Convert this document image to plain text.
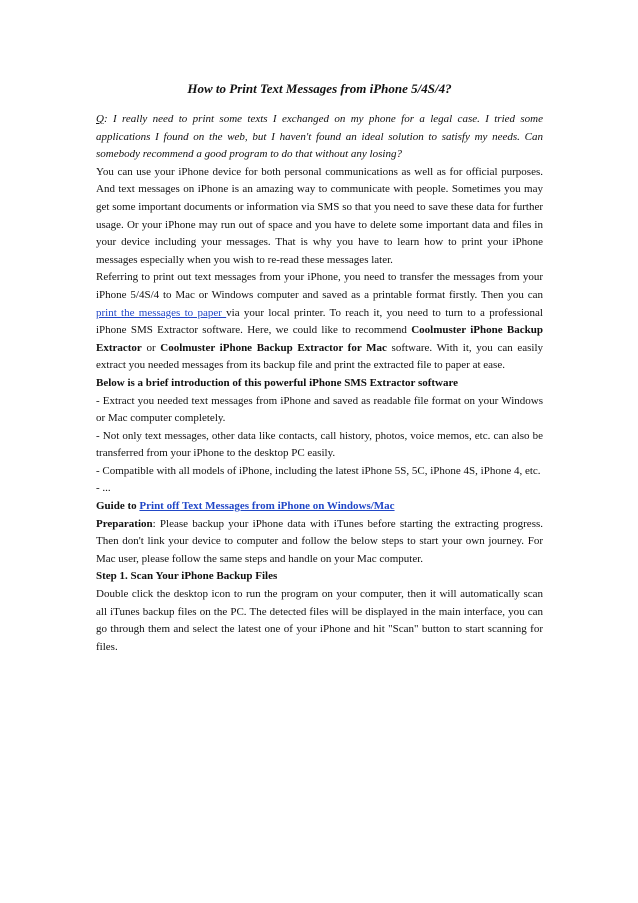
How to Print Text Messages from iPhone 5/4S/4?

Q: I really need to print some texts I exchanged on my phone for a legal case. I tried some applications I found on the web, but I haven't found an ideal solution to satisfy my needs. Can somebody recommend a good program to do that without any losing?

You can use your iPhone device for both personal communications as well as for official purposes. And text messages on iPhone is an amazing way to communicate with people. Sometimes you may get some important documents or information via SMS so that you need to save these data for further usage. Or your iPhone may run out of space and you have to delete some important data and files in your device including your messages. That is why you have to learn how to print your iPhone messages especially when you wish to re-read these messages later.

Referring to print out text messages from your iPhone, you need to transfer the messages from your iPhone 5/4S/4 to Mac or Windows computer and saved as a printable format firstly. Then you can print the messages to paper via your local printer. To reach it, you need to turn to a professional iPhone SMS Extractor software. Here, we could like to recommend Coolmuster iPhone Backup Extractor or Coolmuster iPhone Backup Extractor for Mac software. With it, you can easily extract you needed messages from its backup file and print the extracted file to paper at ease.

Below is a brief introduction of this powerful iPhone SMS Extractor software

- Extract you needed text messages from iPhone and saved as readable file format on your Windows or Mac computer completely.

- Not only text messages, other data like contacts, call history, photos, voice memos, etc. can also be transferred from your iPhone to the desktop PC easily.

- Compatible with all models of iPhone, including the latest iPhone 5S, 5C, iPhone 4S, iPhone 4, etc.

- ...

Guide to Print off Text Messages from iPhone on Windows/Mac

Preparation: Please backup your iPhone data with iTunes before starting the extracting progress. Then don't link your device to computer and follow the below steps to start your own journey. For Mac user, please follow the same steps and handle on your Mac computer.

Step 1. Scan Your iPhone Backup Files

Double click the desktop icon to run the program on your computer, then it will automatically scan all iTunes backup files on the PC. The detected files will be displayed in the main interface, you can go through them and select the latest one of your iPhone and hit "Scan" button to start scanning for files.
